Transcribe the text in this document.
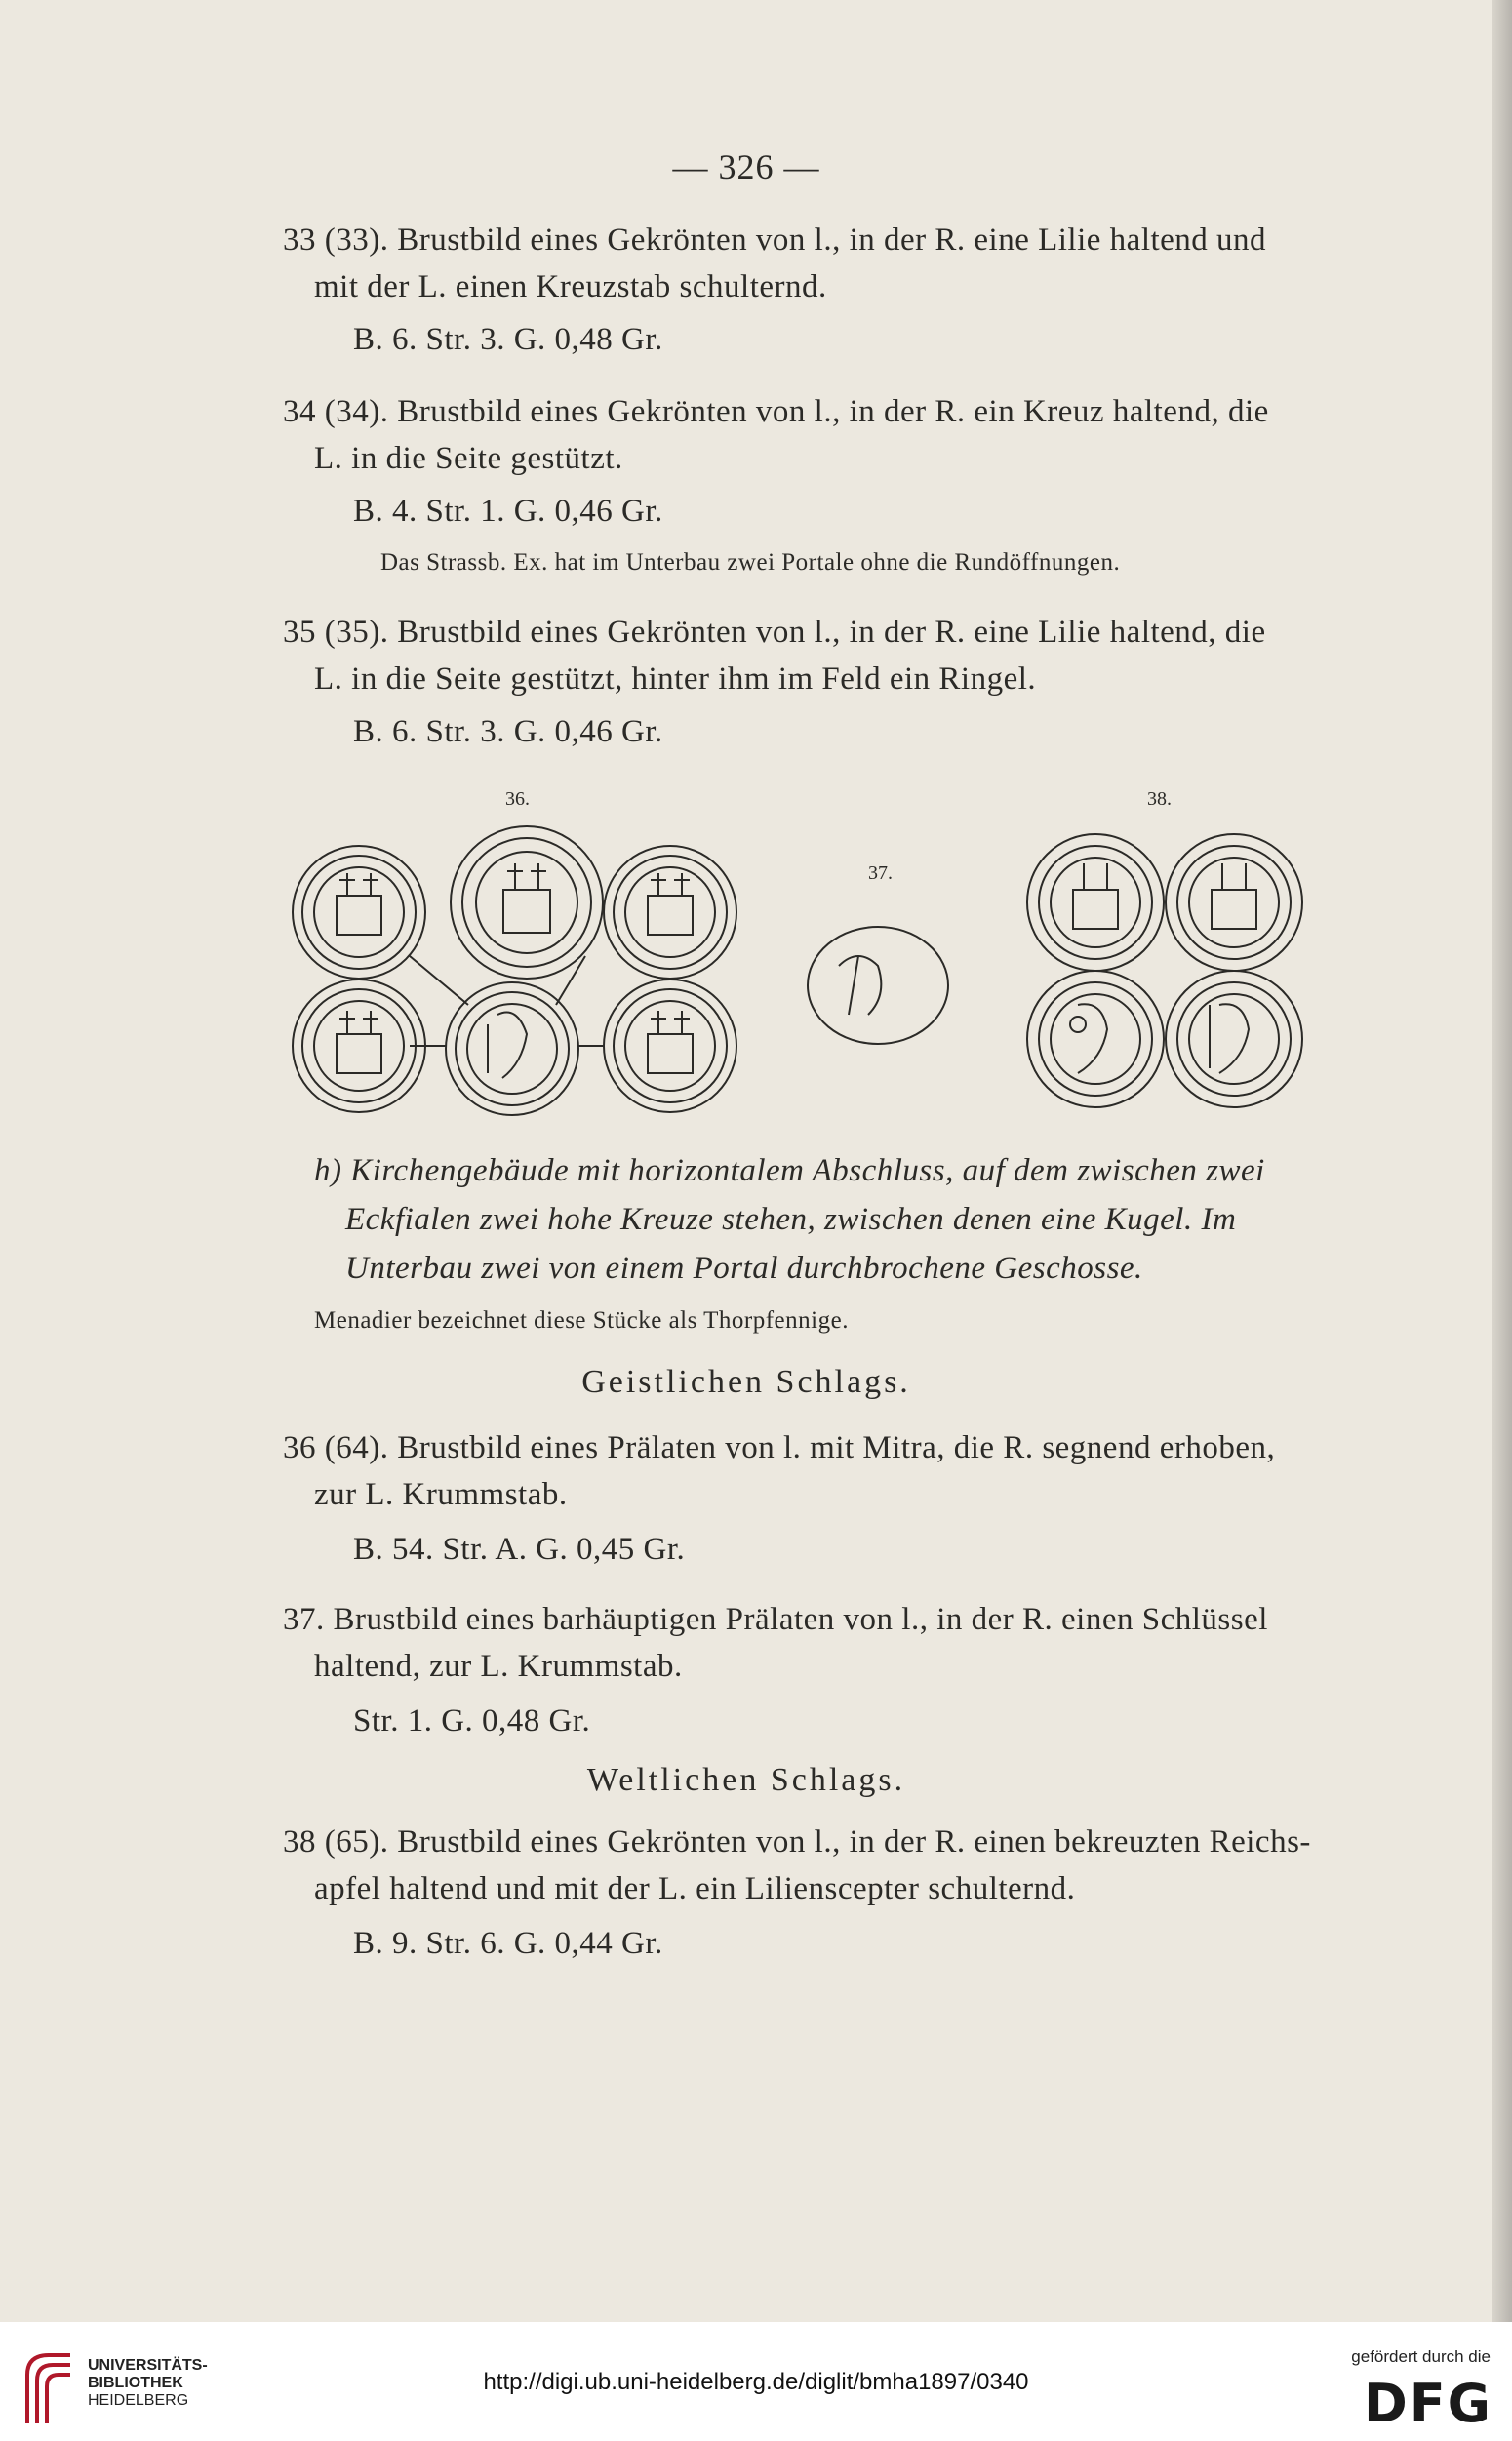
— 326 —
33 (33). Brustbild eines Gekrönten von l., in der R. eine Lilie haltend und
mit der L. einen Kreuzstab schulternd.
B. 6. Str. 3. G. 0,48 Gr.
34 (34). Brustbild eines Gekrönten von l., in der R. ein Kreuz haltend, die
L. in die Seite gestützt.
B. 4. Str. 1. G. 0,46 Gr.
Das Strassb. Ex. hat im Unterbau zwei Portale ohne die Rundöffnungen.
35 (35). Brustbild eines Gekrönten von l., in der R. eine Lilie haltend, die
L. in die Seite gestützt, hinter ihm im Feld ein Ringel.
B. 6. Str. 3. G. 0,46 Gr.
36.
37.
38.
h) Kirchengebäude mit horizontalem Abschluss, auf dem zwischen zwei
Eckfialen zwei hohe Kreuze stehen, zwischen denen eine Kugel. Im
Unterbau zwei von einem Portal durchbrochene Geschosse.
Menadier bezeichnet diese Stücke als Thorpfennige.
Geistlichen Schlags.
36 (64). Brustbild eines Prälaten von l. mit Mitra, die R. segnend erhoben,
zur L. Krummstab.
B. 54. Str. A. G. 0,45 Gr.
37. Brustbild eines barhäuptigen Prälaten von l., in der R. einen Schlüssel
haltend, zur L. Krummstab.
Str. 1. G. 0,48 Gr.
Weltlichen Schlags.
38 (65). Brustbild eines Gekrönten von l., in der R. einen bekreuzten Reichs-
apfel haltend und mit der L. ein Lilienscepter schulternd.
B. 9. Str. 6. G. 0,44 Gr.
UNIVERSITÄTS-
BIBLIOTHEK
HEIDELBERG
http://digi.ub.uni-heidelberg.de/diglit/bmha1897/0340
gefördert durch die
DFG
